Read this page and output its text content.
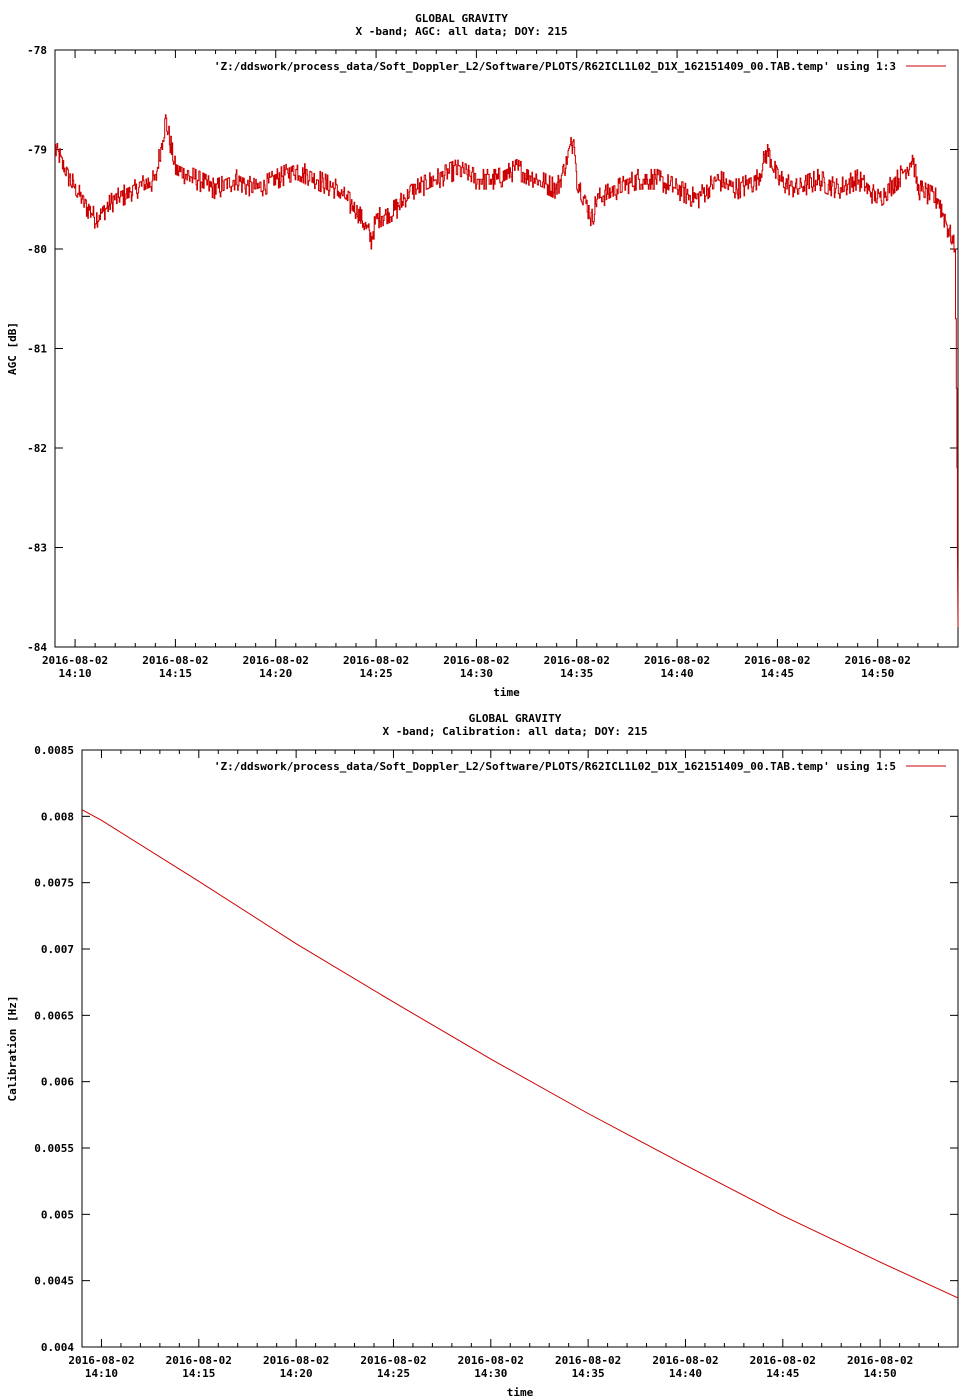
GLOBAL GRAVITY
X -band; AGC: all data; DOY: 215
-78
-79
-80
-81
-82
-83
-84
2016-08-02
14:10
2016-08-02
14:15
2016-08-02
14:20
2016-08-02
14:25
2016-08-02
14:30
2016-08-02
14:35
2016-08-02
14:40
2016-08-02
14:45
2016-08-02
14:50
time
AGC [dB]
'Z:/ddswork/process_data/Soft_Doppler_L2/Software/PLOTS/R62ICL1L02_D1X_162151409_00.TAB.temp' using 1:3
GLOBAL GRAVITY
X -band; Calibration: all data; DOY: 215
0.0085
0.008
0.0075
0.007
0.0065
0.006
0.0055
0.005
0.0045
0.004
2016-08-02
14:10
2016-08-02
14:15
2016-08-02
14:20
2016-08-02
14:25
2016-08-02
14:30
2016-08-02
14:35
2016-08-02
14:40
2016-08-02
14:45
2016-08-02
14:50
time
Calibration [Hz]
'Z:/ddswork/process_data/Soft_Doppler_L2/Software/PLOTS/R62ICL1L02_D1X_162151409_00.TAB.temp' using 1:5
